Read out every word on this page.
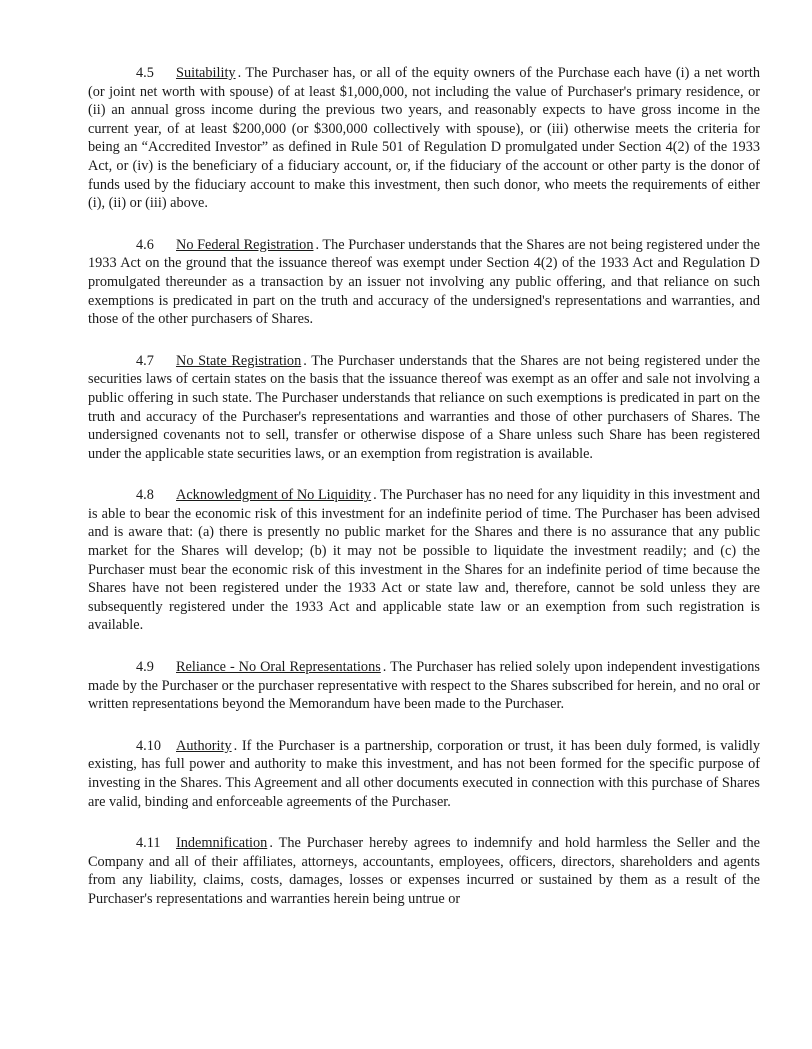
4.5 Suitability . The Purchaser has, or all of the equity owners of the Purchase each have (i) a net worth (or joint net worth with spouse) of at least $1,000,000, not including the value of Purchaser's primary residence, or (ii) an annual gross income during the previous two years, and reasonably expects to have gross income in the current year, of at least $200,000 (or $300,000 collectively with spouse), or (iii) otherwise meets the criteria for being an “Accredited Investor” as defined in Rule 501 of Regulation D promulgated under Section 4(2) of the 1933 Act, or (iv) is the beneficiary of a fiduciary account, or, if the fiduciary of the account or other party is the donor of funds used by the fiduciary account to make this investment, then such donor, who meets the requirements of either (i), (ii) or (iii) above.

4.6 No Federal Registration . The Purchaser understands that the Shares are not being registered under the 1933 Act on the ground that the issuance thereof was exempt under Section 4(2) of the 1933 Act and Regulation D promulgated thereunder as a transaction by an issuer not involving any public offering, and that reliance on such exemptions is predicated in part on the truth and accuracy of the undersigned's representations and warranties, and those of the other purchasers of Shares.

4.7 No State Registration . The Purchaser understands that the Shares are not being registered under the securities laws of certain states on the basis that the issuance thereof was exempt as an offer and sale not involving a public offering in such state. The Purchaser understands that reliance on such exemptions is predicated in part on the truth and accuracy of the Purchaser's representations and warranties and those of other purchasers of Shares. The undersigned covenants not to sell, transfer or otherwise dispose of a Share unless such Share has been registered under the applicable state securities laws, or an exemption from registration is available.

4.8 Acknowledgment of No Liquidity . The Purchaser has no need for any liquidity in this investment and is able to bear the economic risk of this investment for an indefinite period of time. The Purchaser has been advised and is aware that: (a) there is presently no public market for the Shares and there is no assurance that any public market for the Shares will develop; (b) it may not be possible to liquidate the investment readily; and (c) the Purchaser must bear the economic risk of this investment in the Shares for an indefinite period of time because the Shares have not been registered under the 1933 Act or state law and, therefore, cannot be sold unless they are subsequently registered under the 1933 Act and applicable state law or an exemption from such registration is available.

4.9 Reliance - No Oral Representations . The Purchaser has relied solely upon independent investigations made by the Purchaser or the purchaser representative with respect to the Shares subscribed for herein, and no oral or written representations beyond the Memorandum have been made to the Purchaser.

4.10 Authority . If the Purchaser is a partnership, corporation or trust, it has been duly formed, is validly existing, has full power and authority to make this investment, and has not been formed for the specific purpose of investing in the Shares. This Agreement and all other documents executed in connection with this purchase of Shares are valid, binding and enforceable agreements of the Purchaser.

4.11 Indemnification . The Purchaser hereby agrees to indemnify and hold harmless the Seller and the Company and all of their affiliates, attorneys, accountants, employees, officers, directors, shareholders and agents from any liability, claims, costs, damages, losses or expenses incurred or sustained by them as a result of the Purchaser's representations and warranties herein being untrue or
